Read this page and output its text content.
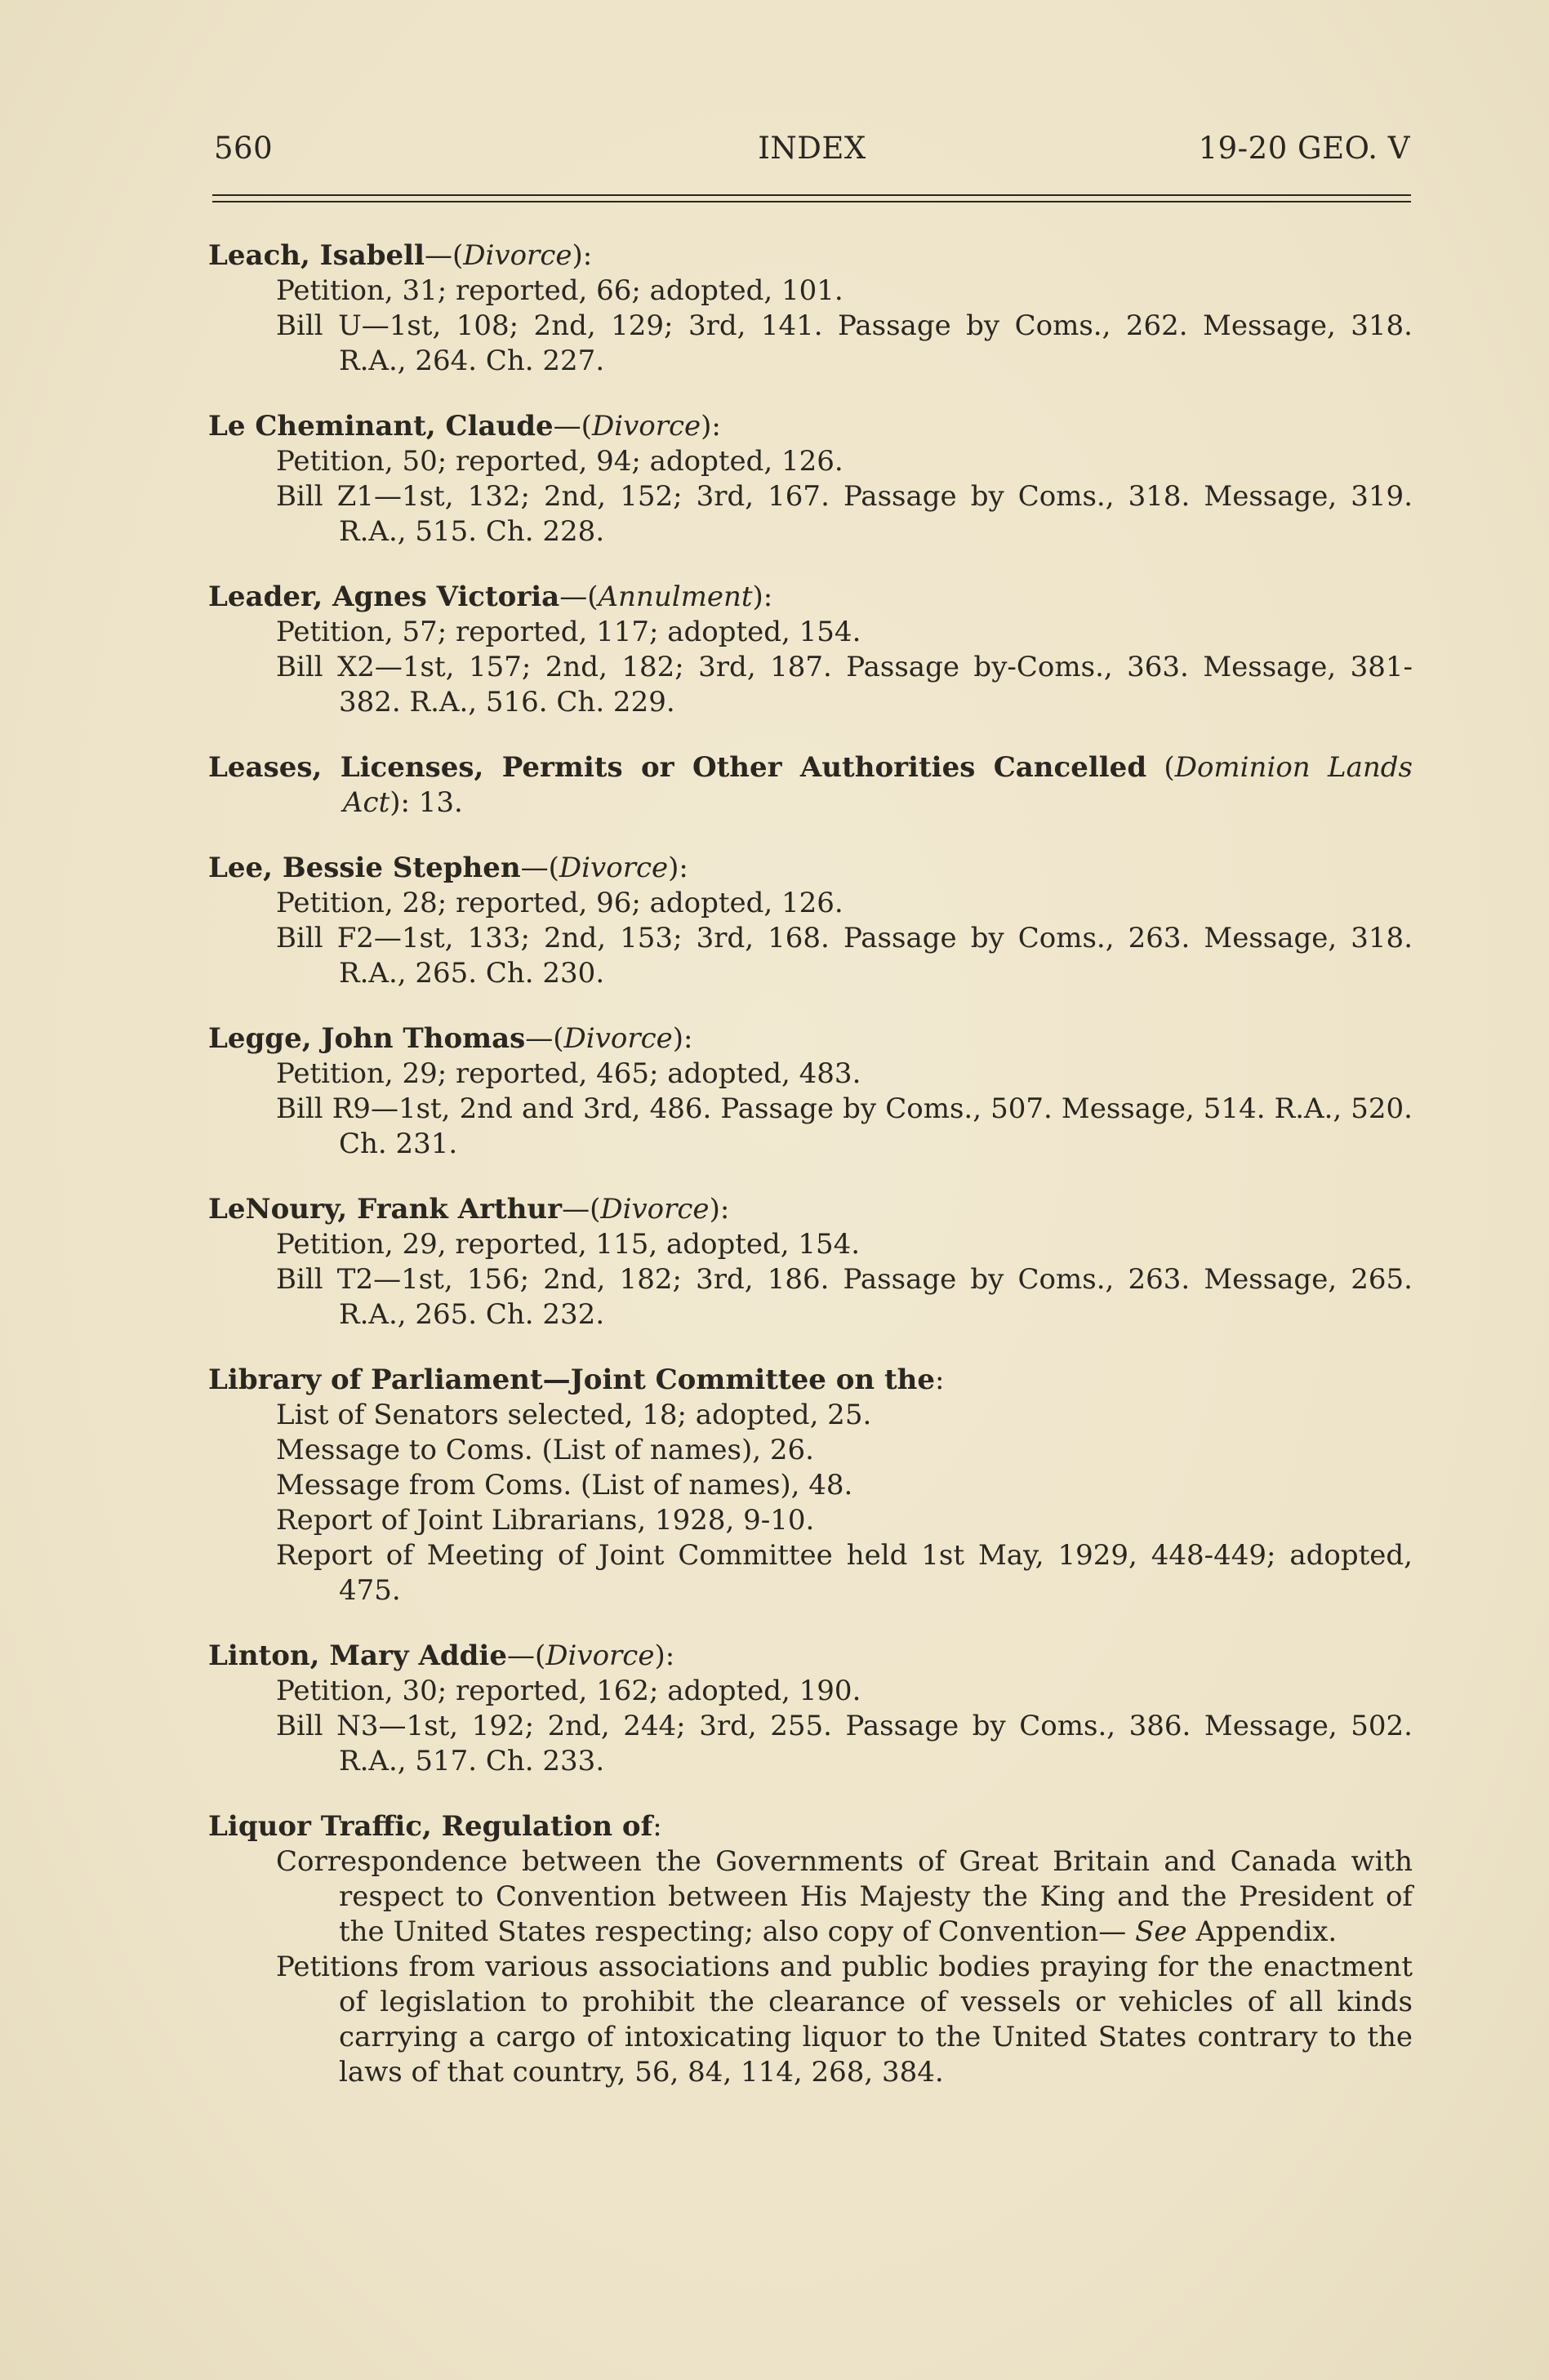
560	INDEX	19-20 GEO. V
Leach, Isabell—(Divorce):
Petition, 31; reported, 66; adopted, 101.
Bill U—1st, 108; 2nd, 129; 3rd, 141. Passage by Coms., 262. Message, 318. R.A., 264. Ch. 227.
Le Cheminant, Claude—(Divorce):
Petition, 50; reported, 94; adopted, 126.
Bill Z1—1st, 132; 2nd, 152; 3rd, 167. Passage by Coms., 318. Message, 319. R.A., 515. Ch. 228.
Leader, Agnes Victoria—(Annulment):
Petition, 57; reported, 117; adopted, 154.
Bill X2—1st, 157; 2nd, 182; 3rd, 187. Passage by-Coms., 363. Message, 381-382. R.A., 516. Ch. 229.
Leases, Licenses, Permits or Other Authorities Cancelled (Dominion Lands Act): 13.
Lee, Bessie Stephen—(Divorce):
Petition, 28; reported, 96; adopted, 126.
Bill F2—1st, 133; 2nd, 153; 3rd, 168. Passage by Coms., 263. Message, 318. R.A., 265. Ch. 230.
Legge, John Thomas—(Divorce):
Petition, 29; reported, 465; adopted, 483.
Bill R9—1st, 2nd and 3rd, 486. Passage by Coms., 507. Message, 514. R.A., 520. Ch. 231.
LeNoury, Frank Arthur—(Divorce):
Petition, 29, reported, 115, adopted, 154.
Bill T2—1st, 156; 2nd, 182; 3rd, 186. Passage by Coms., 263. Message, 265. R.A., 265. Ch. 232.
Library of Parliament—Joint Committee on the:
List of Senators selected, 18; adopted, 25.
Message to Coms. (List of names), 26.
Message from Coms. (List of names), 48.
Report of Joint Librarians, 1928, 9-10.
Report of Meeting of Joint Committee held 1st May, 1929, 448-449; adopted, 475.
Linton, Mary Addie—(Divorce):
Petition, 30; reported, 162; adopted, 190.
Bill N3—1st, 192; 2nd, 244; 3rd, 255. Passage by Coms., 386. Message, 502. R.A., 517. Ch. 233.
Liquor Traffic, Regulation of:
Correspondence between the Governments of Great Britain and Canada with respect to Convention between His Majesty the King and the President of the United States respecting; also copy of Convention— See Appendix.
Petitions from various associations and public bodies praying for the enactment of legislation to prohibit the clearance of vessels or vehicles of all kinds carrying a cargo of intoxicating liquor to the United States contrary to the laws of that country, 56, 84, 114, 268, 384.
